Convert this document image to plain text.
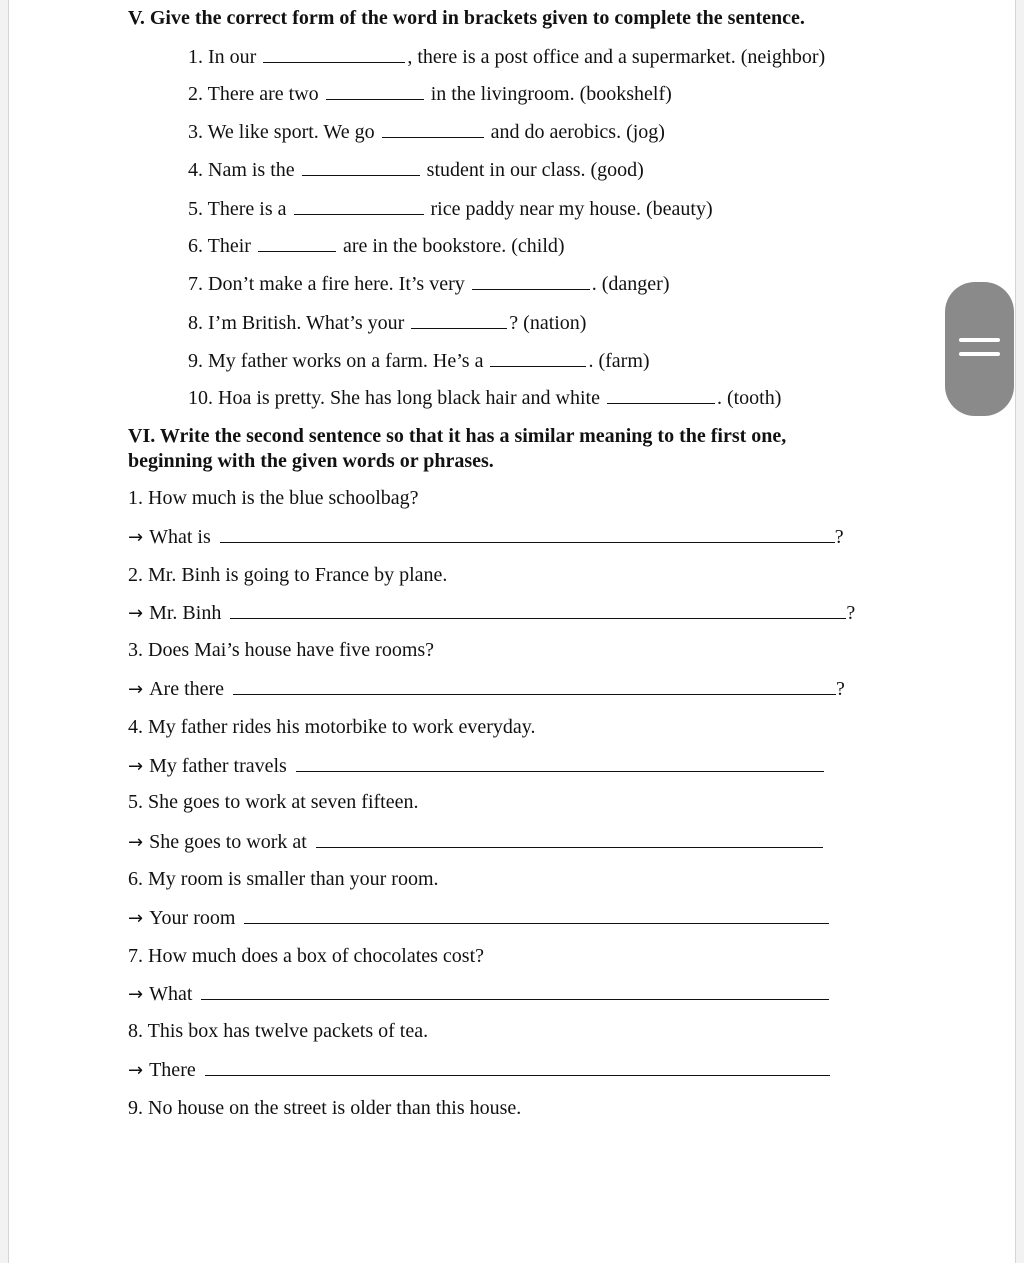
V. Give the correct form of the word in brackets given to complete the sentence.
1. In our	, there is a post office and a supermarket. (neighbor)
2. There are two	in the livingroom. (bookshelf)
3. We like sport. We go	and do aerobics. (jog)
4. Nam is the	student in our class. (good)
5. There is a	rice paddy near my house. (beauty)
6. Their	are in the bookstore. (child)
7. Don’t make a fire here. It’s very	. (danger)
8. I’m British. What’s your	? (nation)
9. My father works on a farm. He’s a	. (farm)
10. Hoa is pretty. She has long black hair and white	. (tooth)
VI. Write the second sentence so that it has a similar meaning to the first one,
beginning with the given words or phrases.
1. How much is the blue schoolbag?
→ What is	?
2. Mr. Binh is going to France by plane.
→ Mr. Binh	?
3. Does Mai’s house have five rooms?
→ Are there	?
4. My father rides his motorbike to work everyday.
→ My father travels
5. She goes to work at seven fifteen.
→ She goes to work at
6. My room is smaller than your room.
→ Your room
7. How much does a box of chocolates cost?
→ What
8. This box has twelve packets of tea.
→ There
9. No house on the street is older than this house.
